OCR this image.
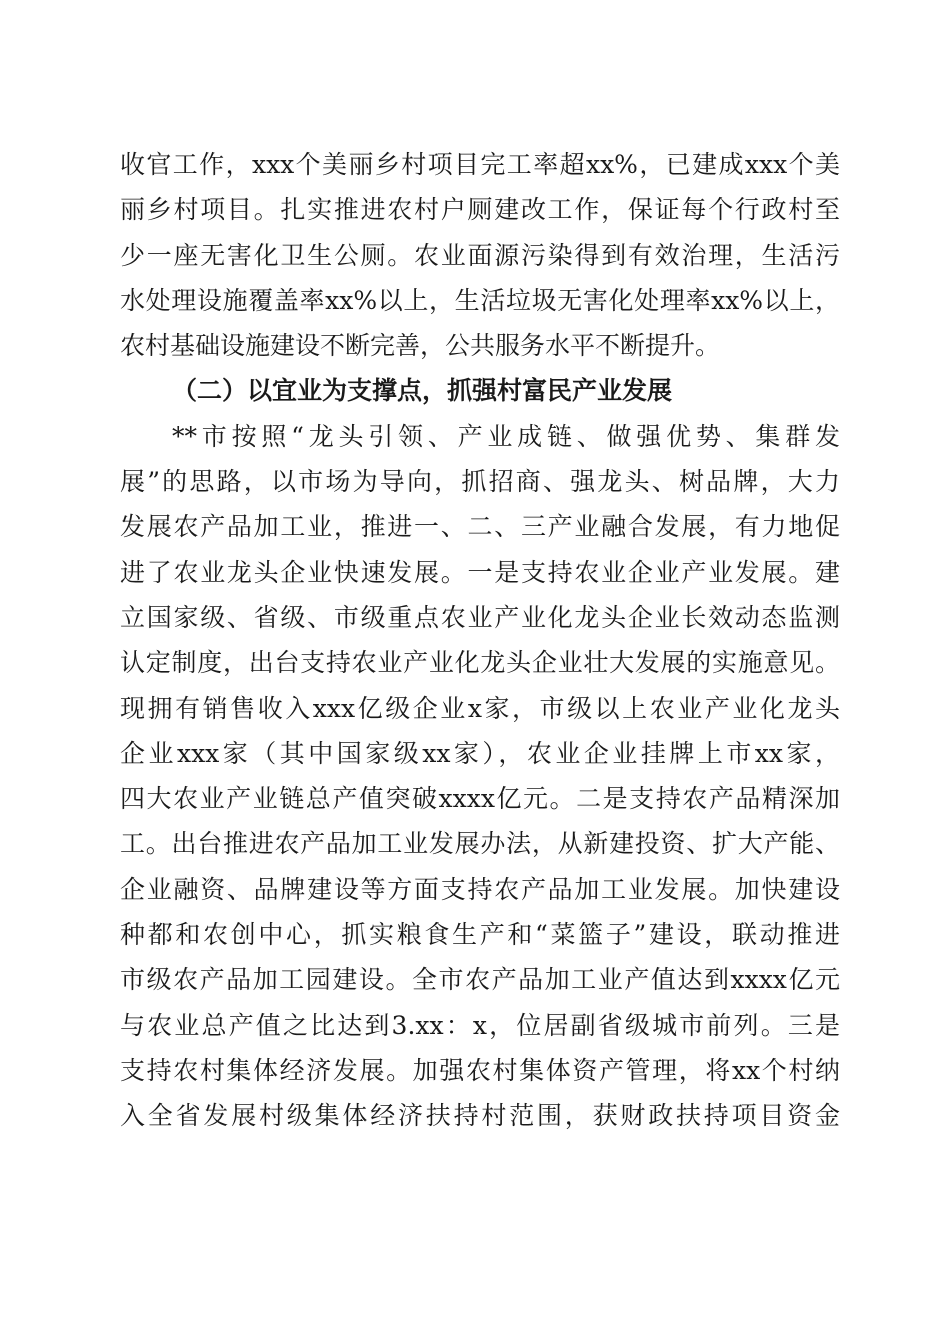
收官工作，xxx个美丽乡村项目完工率超xx%，已建成xxx个美
丽乡村项目。扎实推进农村户厕建改工作，保证每个行政村至
少一座无害化卫生公厕。农业面源污染得到有效治理，生活污
水处理设施覆盖率xx%以上，生活垃圾无害化处理率xx%以上，
农村基础设施建设不断完善，公共服务水平不断提升。
（二）以宜业为支撑点，抓强村富民产业发展
**市按照“龙头引领、产业成链、做强优势、集群发
展”的思路，以市场为导向，抓招商、强龙头、树品牌，大力
发展农产品加工业，推进一、二、三产业融合发展，有力地促
进了农业龙头企业快速发展。一是支持农业企业产业发展。建
立国家级、省级、市级重点农业产业化龙头企业长效动态监测
认定制度，出台支持农业产业化龙头企业壮大发展的实施意见。
现拥有销售收入xxx亿级企业x家，市级以上农业产业化龙头
企业xxx家（其中国家级xx家），农业企业挂牌上市xx家，
四大农业产业链总产值突破xxxx亿元。二是支持农产品精深加
工。出台推进农产品加工业发展办法，从新建投资、扩大产能、
企业融资、品牌建设等方面支持农产品加工业发展。加快建设
种都和农创中心，抓实粮食生产和“菜篮子”建设，联动推进
市级农产品加工园建设。全市农产品加工业产值达到xxxx亿元
与农业总产值之比达到3.xx：x，位居副省级城市前列。三是
支持农村集体经济发展。加强农村集体资产管理，将xx个村纳
入全省发展村级集体经济扶持村范围，获财政扶持项目资金
